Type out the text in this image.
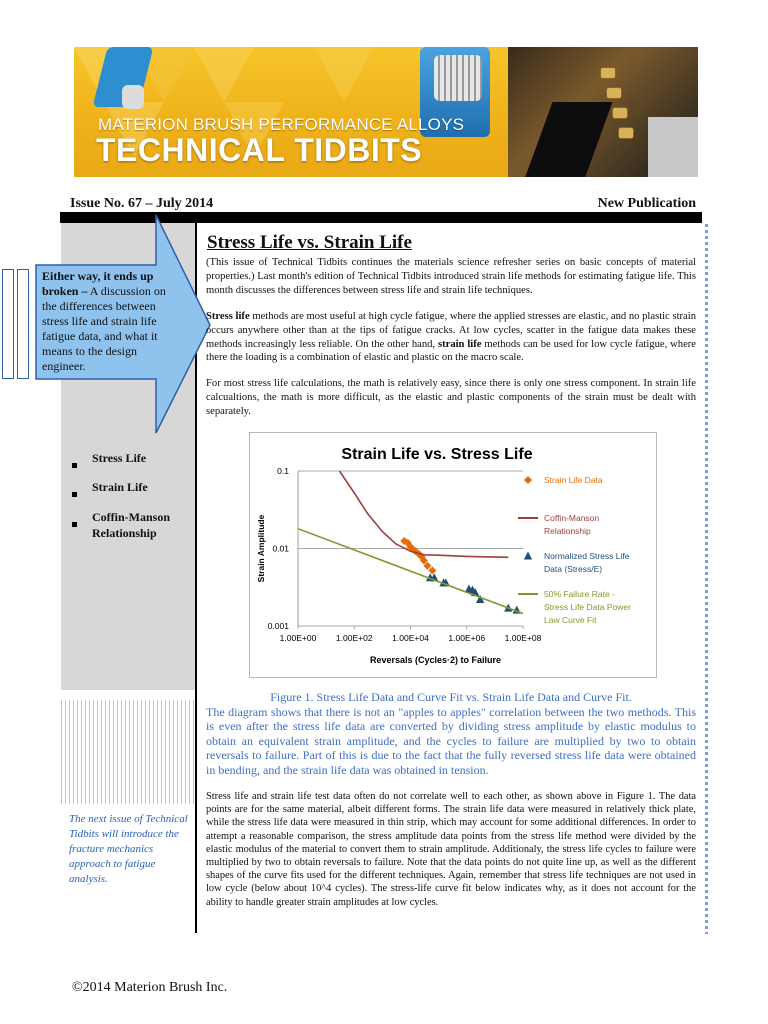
MATERION BRUSH PERFORMANCE ALLOYS
TECHNICAL TIDBITS
Issue No. 67 – July 2014	New Publication
Either way, it ends up broken – A discussion on the differences between stress life and strain life fatigue data, and what it means to the design engineer.
Stress Life
Strain Life
Coffin-Manson Relationship
The next issue of Technical Tidbits will introduce the fracture mechanics approach to fatigue analysis.
Stress Life vs. Strain Life
(This issue of Technical Tidbits continues the materials science refresher series on basic concepts of material properties.) Last month's edition of Technical Tidbits introduced strain life methods for estimating fatigue life. This month discusses the differences between stress life and strain life techniques.
Stress life methods are most useful at high cycle fatigue, where the applied stresses are elastic, and no plastic strain occurs anywhere other than at the tips of fatigue cracks. At low cycles, scatter in the fatigue data makes these methods increasingly less reliable. On the other hand, strain life methods can be used for low cycle fatigue, where there the loading is a combination of elastic and plastic on the macro scale.
For most stress life calculations, the math is relatively easy, since there is only one stress component. In strain life calcualtions, the math is more difficult, as the elastic and plastic components of the strain must be dealt with separately.
Strain Life vs. Stress Life
0.1
0.01
0.001
1.00E+00 1.00E+02 1.00E+04 1.00E+06 1.00E+08
Reversals (Cycles·2) to Failure
Strain Amplitude
Strain Life Data
Coffin-Manson
Relationship
Normalized Stress Life
Data (Stress/E)
50% Failure Rate -
Stress Life Data Power
Law Curve Fit
Figure 1. Stress Life Data and Curve Fit vs. Strain Life Data and Curve Fit.
The diagram shows that there is not an "apples to apples" correlation between the two methods. This is even after the stress life data are converted by dividing stress amplitude by elastic modulus to obtain an equivalent strain amplitude, and the cycles to failure are multiplied by two to obtain reversals to failure. Part of this is due to the fact that the fully reversed stress life data were obtained in bending, and the strain life data was obtained in tension.
Stress life and strain life test data often do not correlate well to each other, as shown above in Figure 1. The data points are for the same material, albeit different forms. The strain life data were measured in relatively thick plate, while the stress life data were measured in thin strip, which may account for some additional differences. In order to attempt a reasonable comparison, the stress amplitude data points from the stress life method were divided by the elastic modulus of the material to convert them to strain amplitude. Additionaly, the stress life cycles to failure were multiplied by two to obtain reversals to failure. Note that the data points do not quite line up, as well as the different shapes of the curve fits used for the different techniques. Again, remember that stress life techniques are not used in low cycle (below about 10^4 cycles). The stress-life curve fit below indicates why, as it does not account for the ability to handle greater strain amplitudes at low cycles.
©2014 Materion Brush Inc.
